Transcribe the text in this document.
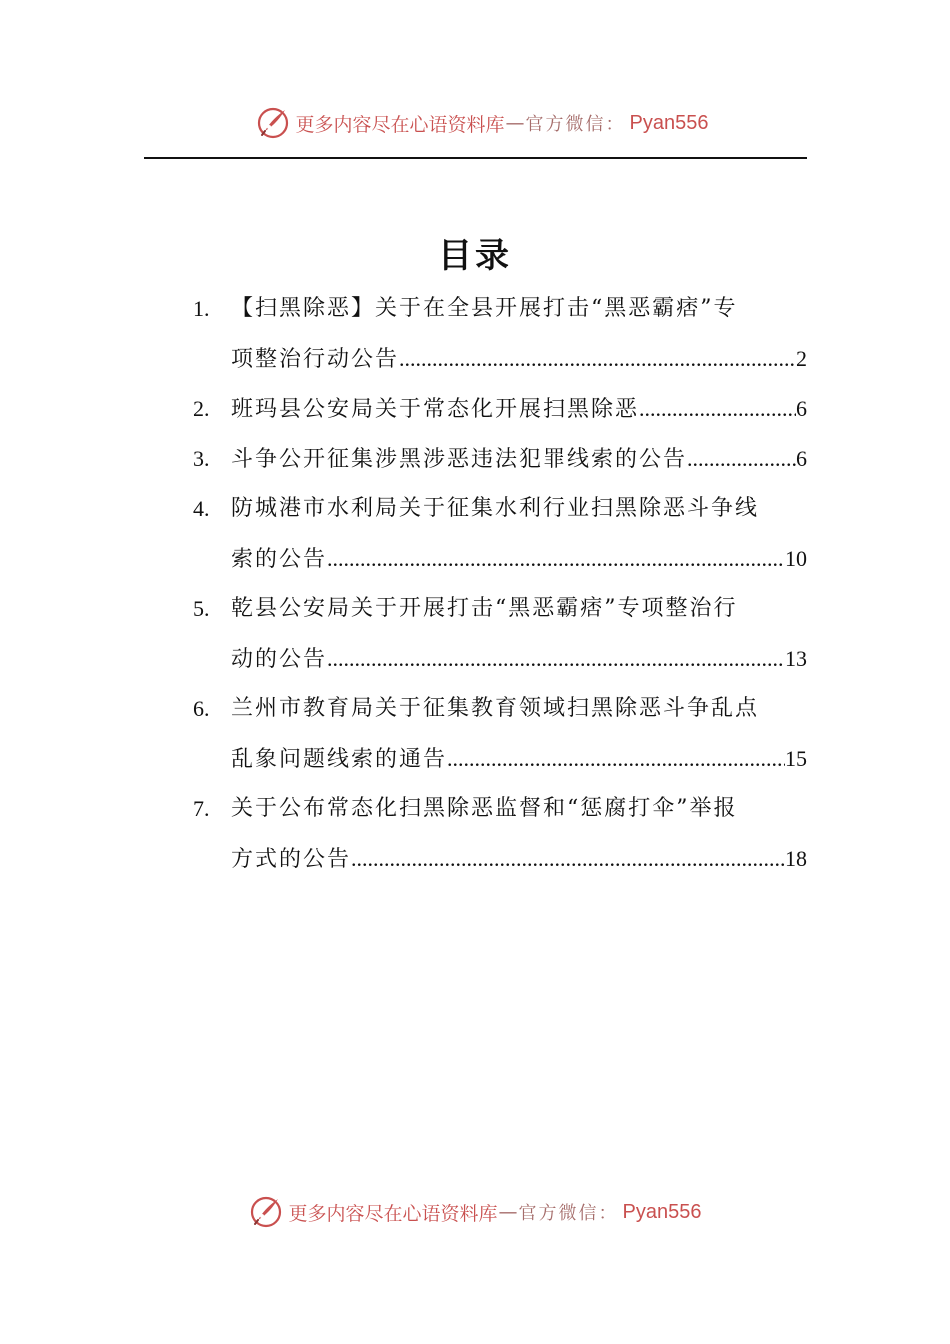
更多内容尽在心语资料库 — 官方微信： Pyan556
目录
1. 【扫黑除恶】关于在全县开展打击“黑恶霸痞”专
项整治行动公告 .....	2
2. 班玛县公安局关于常态化开展扫黑除恶 .....	6
3. 斗争公开征集涉黑涉恶违法犯罪线索的公告 .....	6
4. 防城港市水利局关于征集水利行业扫黑除恶斗争线
索的公告 .....	10
5. 乾县公安局关于开展打击“黑恶霸痞”专项整治行
动的公告 .....	13
6. 兰州市教育局关于征集教育领域扫黑除恶斗争乱点
乱象问题线索的通告 .....	15
7. 关于公布常态化扫黑除恶监督和“惩腐打伞”举报
方式的公告 .....	18
更多内容尽在心语资料库 — 官方微信： Pyan556
